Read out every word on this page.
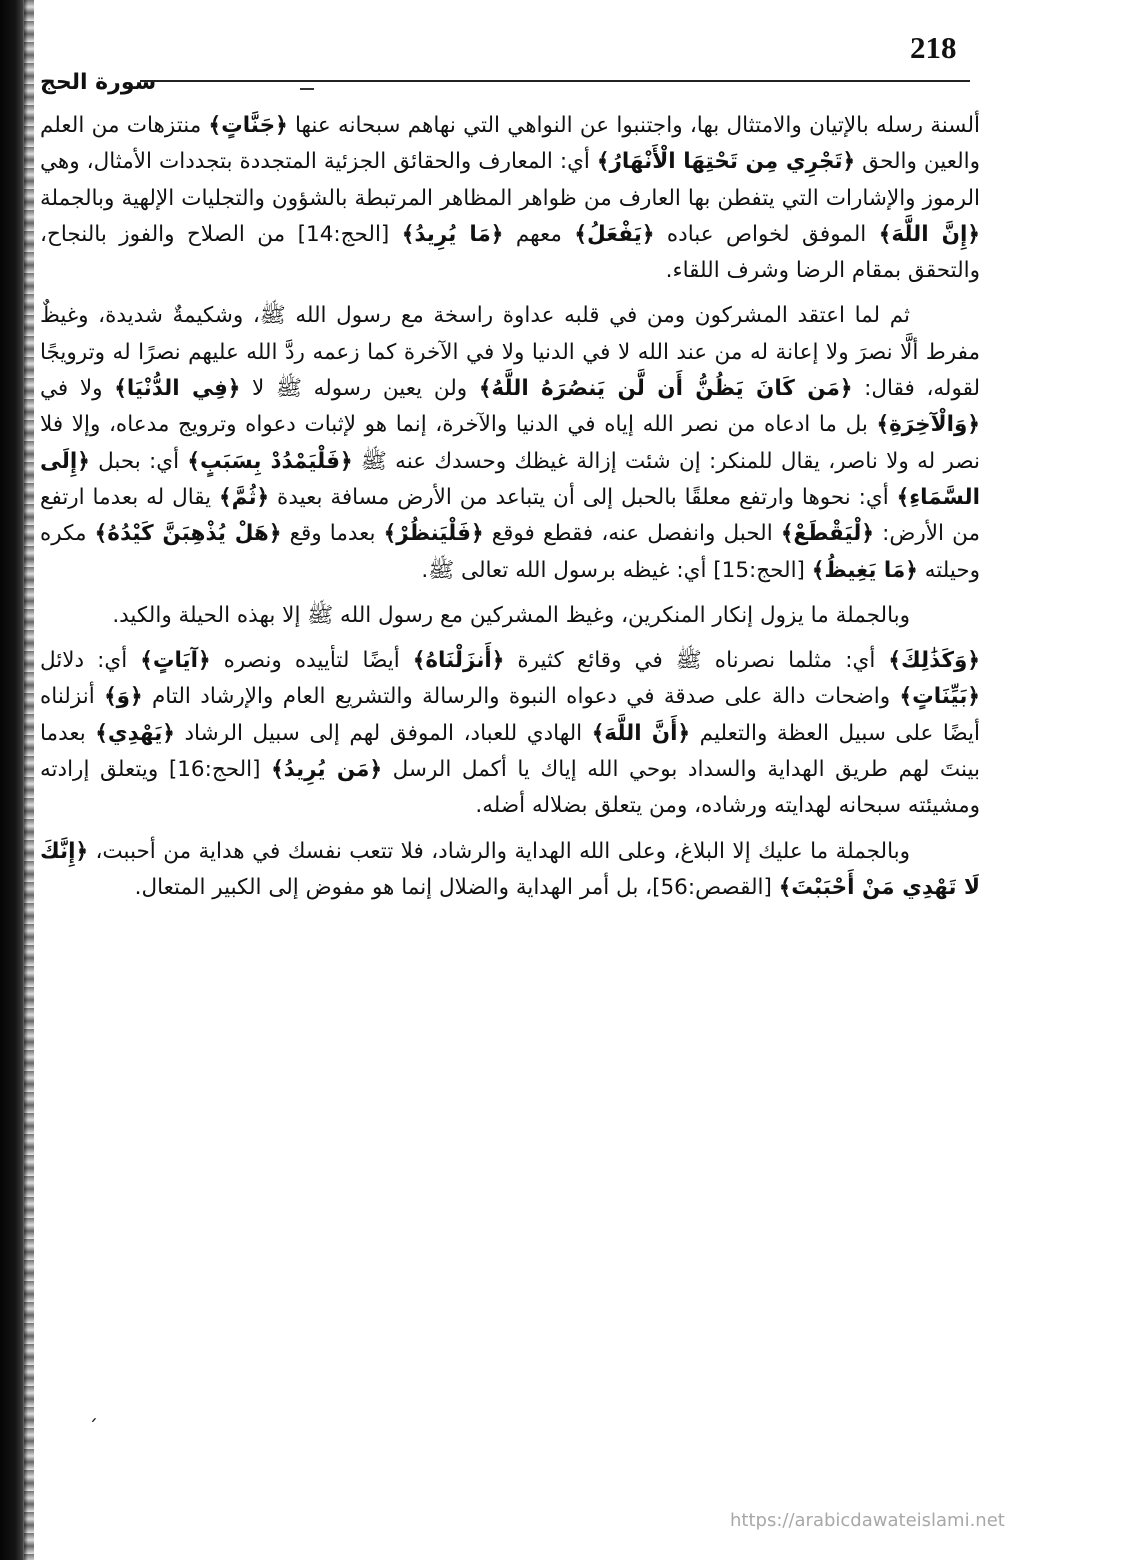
218
سورة الحج

ألسنة رسله بالإتيان والامتثال بها، واجتنبوا عن النواهي التي نهاهم سبحانه عنها ﴿جَنَّاتٍ﴾ منتزهات من العلم والعين والحق ﴿تَجْرِي مِن تَحْتِهَا الْأَنْهَارُ﴾ أي: المعارف والحقائق الجزئية المتجددة بتجددات الأمثال، وهي الرموز والإشارات التي يتفطن بها العارف من ظواهر المظاهر المرتبطة بالشؤون والتجليات الإلهية وبالجملة ﴿إِنَّ اللَّهَ﴾ الموفق لخواص عباده ﴿يَفْعَلُ﴾ معهم ﴿مَا يُرِيدُ﴾ [الحج:14] من الصلاح والفوز بالنجاح، والتحقق بمقام الرضا وشرف اللقاء.

ثم لما اعتقد المشركون ومن في قلبه عداوة راسخة مع رسول الله ﷺ، وشكيمةٌ شديدة، وغيظٌ مفرط ألَّا نصرَ ولا إعانة له من عند الله لا في الدنيا ولا في الآخرة كما زعمه ردَّ الله عليهم نصرًا له وترويجًا لقوله، فقال: ﴿مَن كَانَ يَظُنُّ أَن لَّن يَنصُرَهُ اللَّهُ﴾ ولن يعين رسوله ﷺ لا ﴿فِي الدُّنْيَا﴾ ولا في ﴿وَالْآخِرَةِ﴾ بل ما ادعاه من نصر الله إياه في الدنيا والآخرة، إنما هو لإثبات دعواه وترويج مدعاه، وإلا فلا نصر له ولا ناصر، يقال للمنكر: إن شئت إزالة غيظك وحسدك عنه ﷺ ﴿فَلْيَمْدُدْ بِسَبَبٍ﴾ أي: بحبل ﴿إِلَى السَّمَاءِ﴾ أي: نحوها وارتفع معلقًا بالحبل إلى أن يتباعد من الأرض مسافة بعيدة ﴿ثُمَّ﴾ يقال له بعدما ارتفع من الأرض: ﴿لْيَقْطَعْ﴾ الحبل وانفصل عنه، فقطع فوقع ﴿فَلْيَنظُرْ﴾ بعدما وقع ﴿هَلْ يُذْهِبَنَّ كَيْدُهُ﴾ مكره وحيلته ﴿مَا يَغِيظُ﴾ [الحج:15] أي: غيظه برسول الله تعالى ﷺ.

وبالجملة ما يزول إنكار المنكرين، وغيظ المشركين مع رسول الله ﷺ إلا بهذه الحيلة والكيد.

﴿وَكَذَٰلِكَ﴾ أي: مثلما نصرناه ﷺ في وقائع كثيرة ﴿أَنزَلْنَاهُ﴾ أيضًا لتأييده ونصره ﴿آيَاتٍ﴾ أي: دلائل ﴿بَيِّنَاتٍ﴾ واضحات دالة على صدقة في دعواه النبوة والرسالة والتشريع العام والإرشاد التام ﴿وَ﴾ أنزلناه أيضًا على سبيل العظة والتعليم ﴿أَنَّ اللَّهَ﴾ الهادي للعباد، الموفق لهم إلى سبيل الرشاد ﴿يَهْدِي﴾ بعدما بينتَ لهم طريق الهداية والسداد بوحي الله إياك يا أكمل الرسل ﴿مَن يُرِيدُ﴾ [الحج:16] ويتعلق إرادته ومشيئته سبحانه لهدايته ورشاده، ومن يتعلق بضلاله أضله.

وبالجملة ما عليك إلا البلاغ، وعلى الله الهداية والرشاد، فلا تتعب نفسك في هداية من أحببت، ﴿إِنَّكَ لَا تَهْدِي مَنْ أَحْبَبْتَ﴾ [القصص:56]، بل أمر الهداية والضلال إنما هو مفوض إلى الكبير المتعال.

ˏ
https://arabicdawateislami.net
